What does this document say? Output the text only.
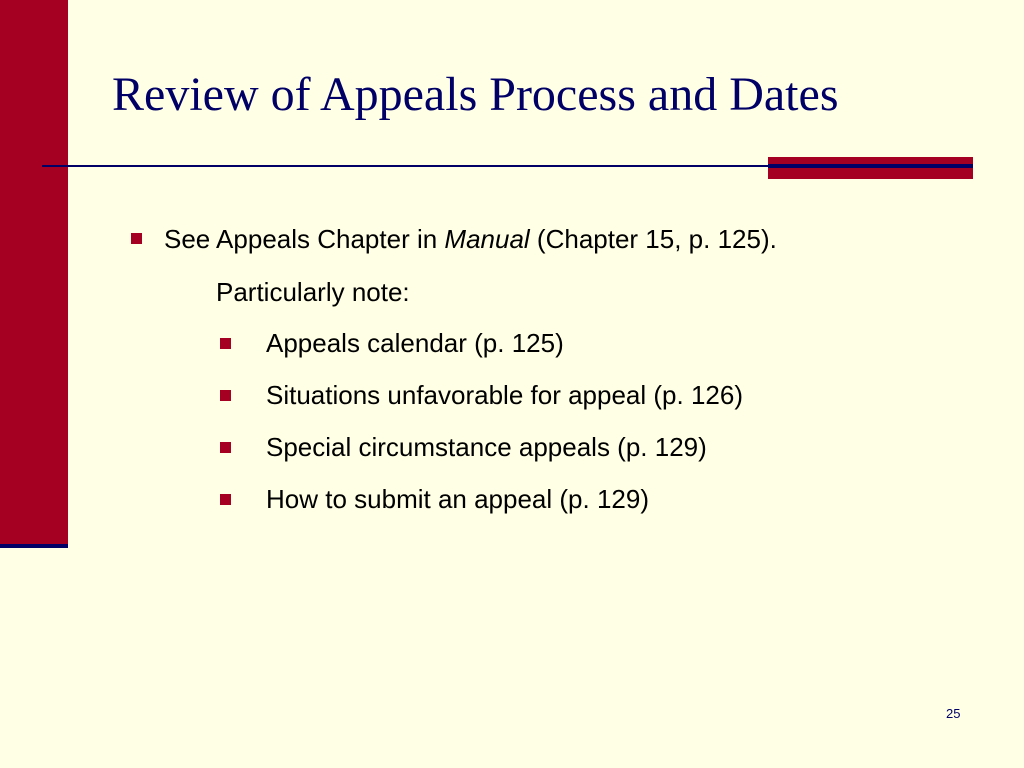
Review of Appeals Process and Dates
See Appeals Chapter in Manual (Chapter 15, p. 125).
Particularly note:
Appeals calendar (p. 125)
Situations unfavorable for appeal (p. 126)
Special circumstance appeals (p. 129)
How to submit an appeal (p. 129)
25
